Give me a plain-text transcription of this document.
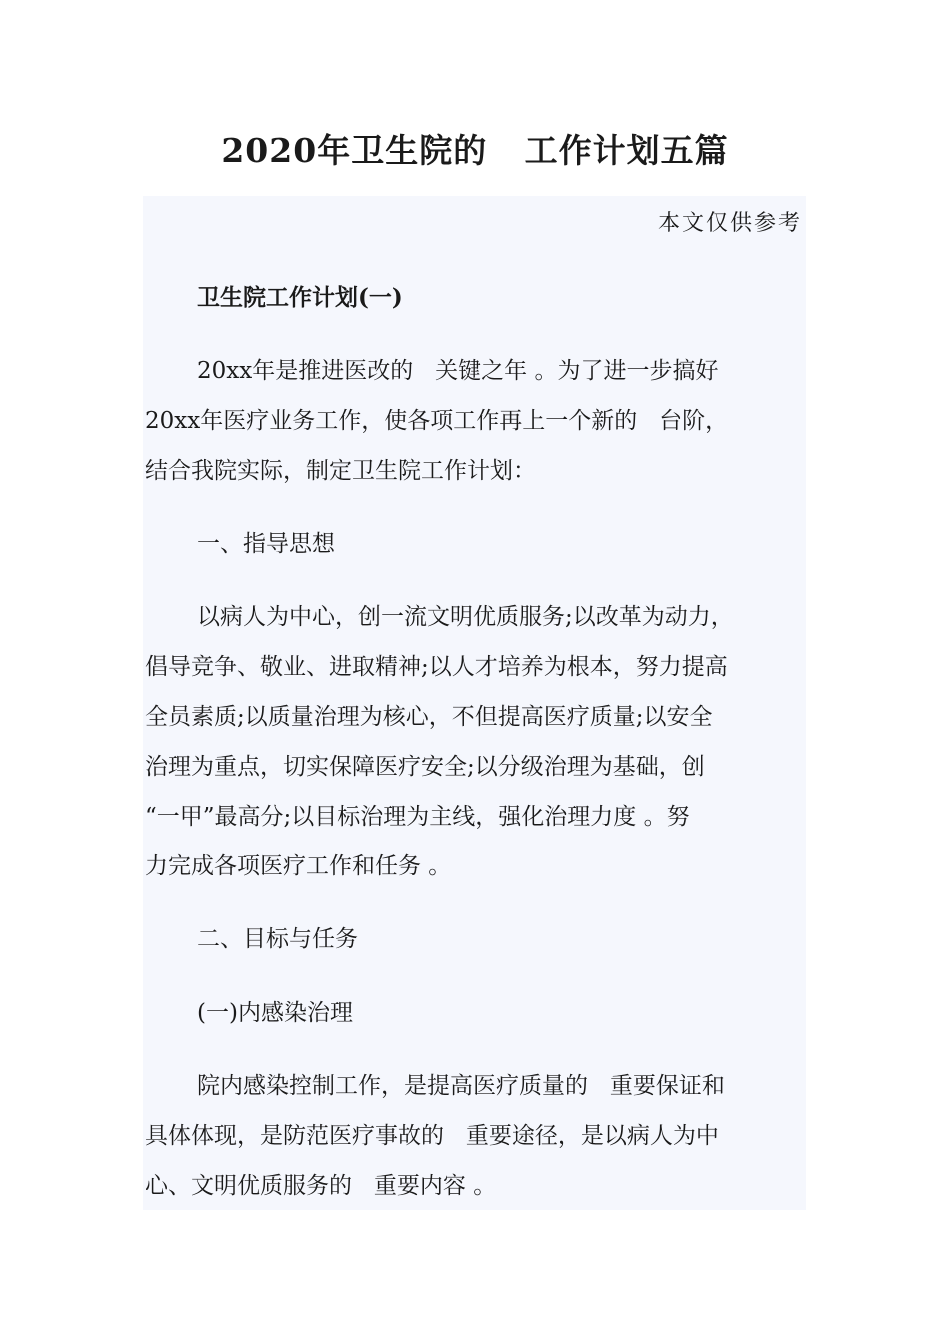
2020年卫生院的   工作计划五篇

本文仅供参考

卫生院工作计划(一)

20xx年是推进医改的   关键之年 。为了进一步搞好

20xx年医疗业务工作，使各项工作再上一个新的   台阶，

结合我院实际，制定卫生院工作计划：

一、指导思想

以病人为中心，创一流文明优质服务;以改革为动力，

倡导竞争、敬业、进取精神;以人才培养为根本，努力提高

全员素质;以质量治理为核心，不但提高医疗质量;以安全

治理为重点，切实保障医疗安全;以分级治理为基础，创

“一甲”最高分;以目标治理为主线，强化治理力度 。努

力完成各项医疗工作和任务 。

二、目标与任务

(一)内感染治理

院内感染控制工作，是提高医疗质量的   重要保证和

具体体现，是防范医疗事故的   重要途径，是以病人为中

心、文明优质服务的   重要内容 。
